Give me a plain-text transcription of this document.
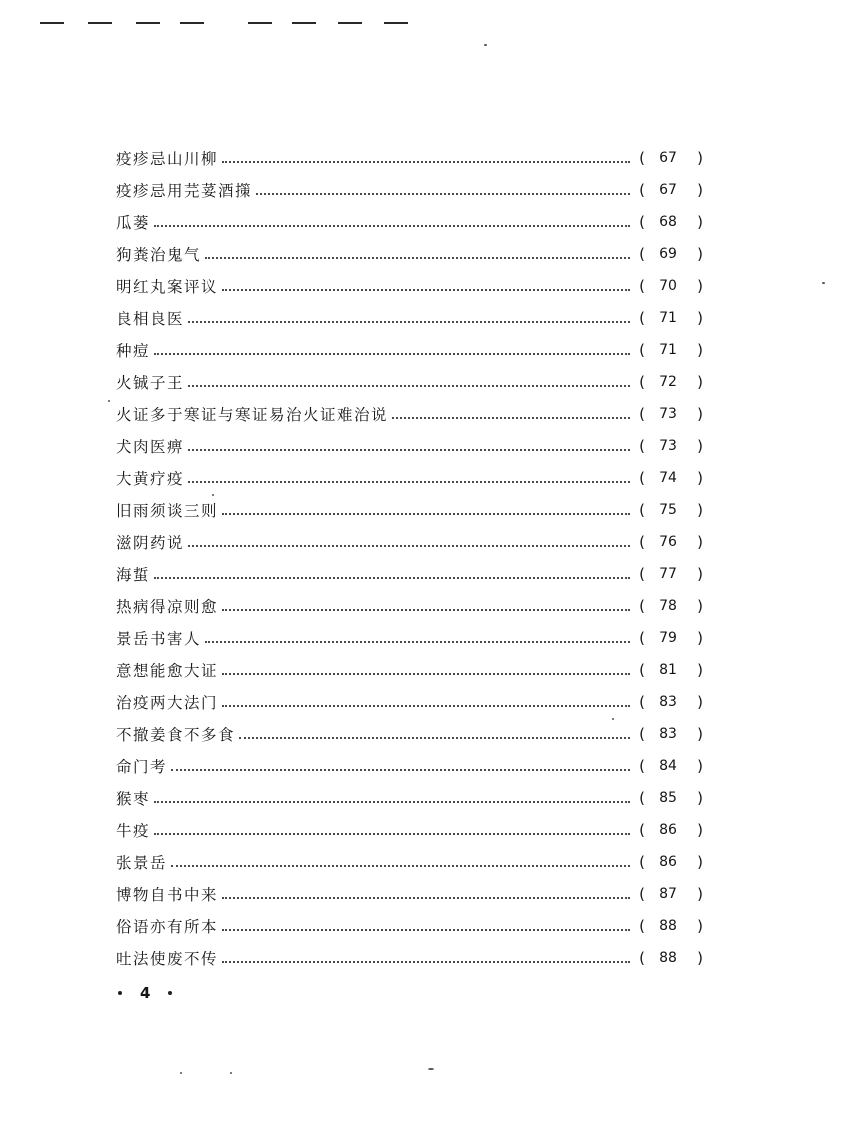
疫疹忌山川柳	(	67	)
疫疹忌用芫荽酒㩍	(	67	)
瓜蒌	(	68	)
狗粪治鬼气	(	69	)
明红丸案评议	(	70	)
良相良医	(	71	)
种痘	(	71	)
火铖子王	(	72	)
火证多于寒证与寒证易治火证难治说	(	73	)
犬肉医痹	(	73	)
大黄疗疫	(	74	)
旧雨须谈三则	(	75	)
滋阴药说	(	76	)
海蜇	(	77	)
热病得凉则愈	(	78	)
景岳书害人	(	79	)
意想能愈大证	(	81	)
治疫两大法门	(	83	)
不撤姜食不多食	(	83	)
命门考	(	84	)
猴枣	(	85	)
牛疫	(	86	)
张景岳	(	86	)
博物自书中来	(	87	)
俗语亦有所本	(	88	)
吐法使废不传	(	88	)
4
